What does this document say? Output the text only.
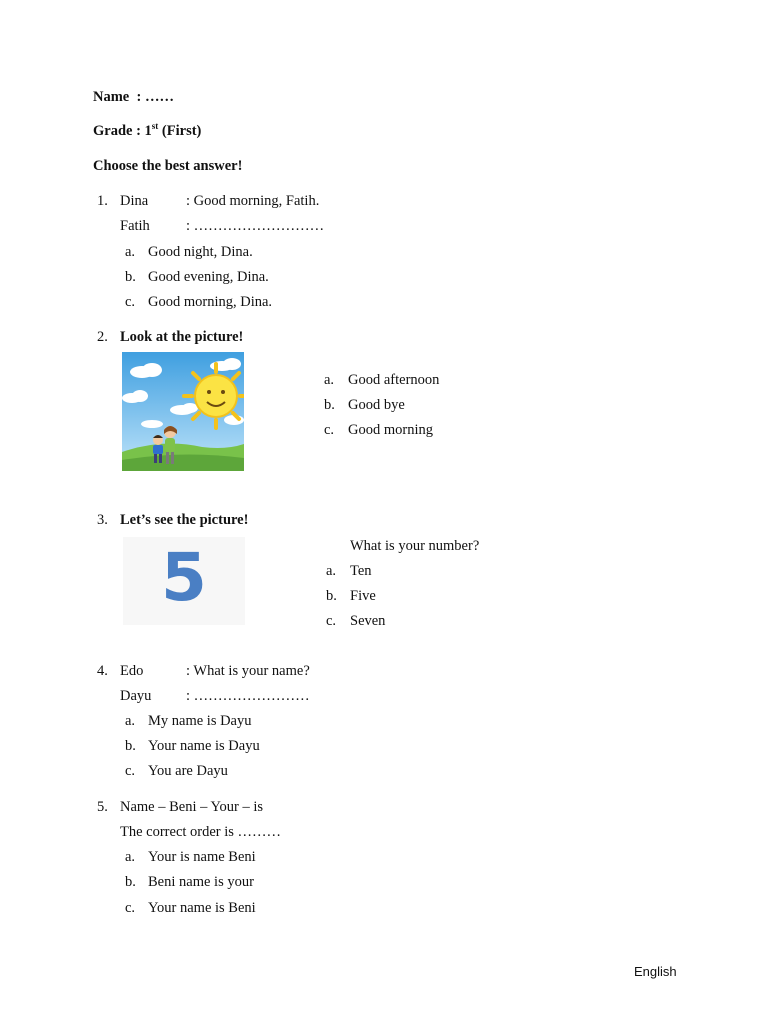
Name : ……
Grade : 1st (First)
Choose the best answer!
1. Dina	: Good morning, Fatih.
Fatih : ………………………
a. Good night, Dina.
b. Good evening, Dina.
c. Good morning, Dina.
2. Look at the picture!
a. Good afternoon
b. Good bye
c. Good morning
3. Let’s see the picture!
5	What is your number?
a. Ten
b. Five
c. Seven
4. Edo	: What is your name?
Dayu : ……………………
a. My name is Dayu
b. Your name is Dayu
c. You are Dayu
5. Name – Beni – Your – is
The correct order is ………
a. Your is name Beni
b. Beni name is your
c. Your name is Beni
English
